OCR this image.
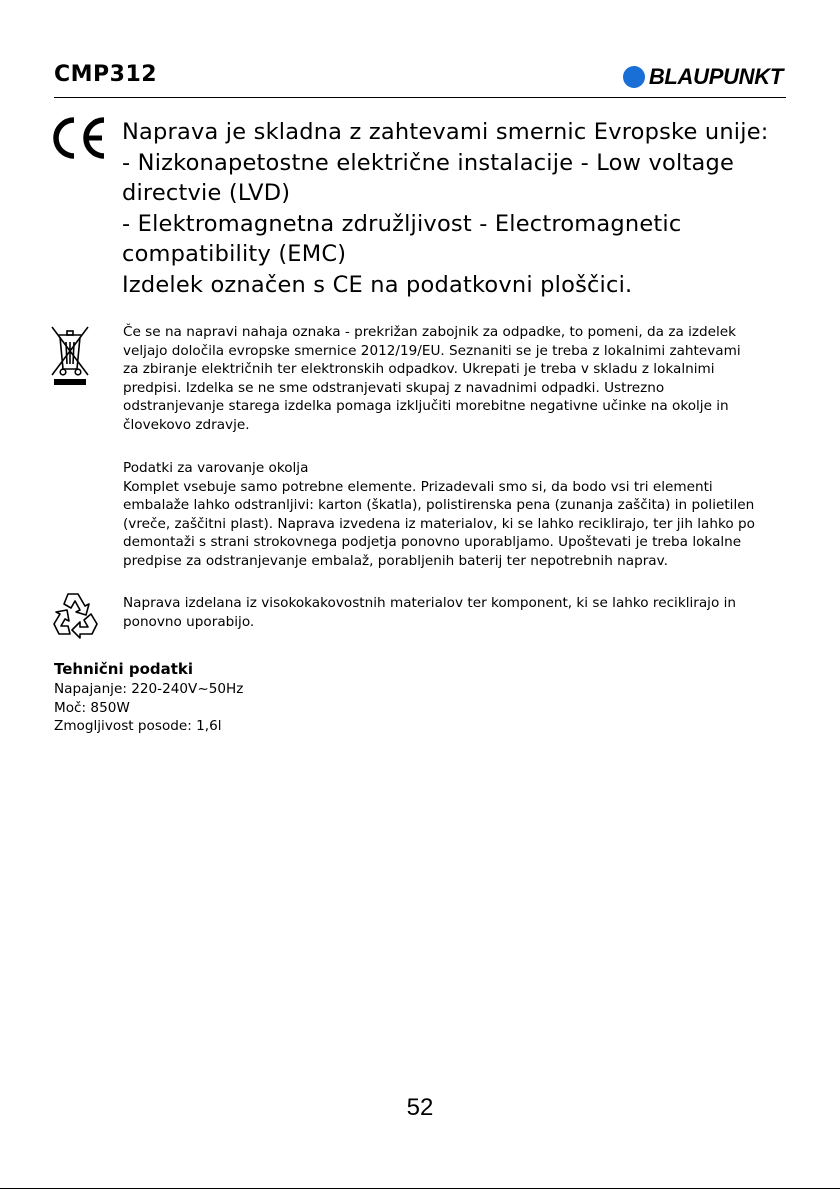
CMP312	BLAUPUNKT
Naprava je skladna z zahtevami smernic Evropske unije:
- Nizkonapetostne električne instalacije - Low voltage
directvie (LVD)
- Elektromagnetna združljivost - Electromagnetic
compatibility (EMC)
Izdelek označen s CE na podatkovni ploščici.
Če se na napravi nahaja oznaka - prekrižan zabojnik za odpadke, to pomeni, da za izdelek
veljajo določila evropske smernice 2012/19/EU. Seznaniti se je treba z lokalnimi zahtevami
za zbiranje električnih ter elektronskih odpadkov. Ukrepati je treba v skladu z lokalnimi
predpisi. Izdelka se ne sme odstranjevati skupaj z navadnimi odpadki. Ustrezno
odstranjevanje starega izdelka pomaga izključiti morebitne negativne učinke na okolje in
človekovo zdravje.
Podatki za varovanje okolja
Komplet vsebuje samo potrebne elemente. Prizadevali smo si, da bodo vsi tri elementi
embalaže lahko odstranljivi: karton (škatla), polistirenska pena (zunanja zaščita) in polietilen
(vreče, zaščitni plast). Naprava izvedena iz materialov, ki se lahko reciklirajo, ter jih lahko po
demontaži s strani strokovnega podjetja ponovno uporabljamo. Upoštevati je treba lokalne
predpise za odstranjevanje embalaž, porabljenih baterij ter nepotrebnih naprav.
Naprava izdelana iz visokokakovostnih materialov ter komponent, ki se lahko reciklirajo in
ponovno uporabijo.
Tehnični podatki
Napajanje: 220-240V~50Hz
Moč: 850W
Zmogljivost posode: 1,6l
52
